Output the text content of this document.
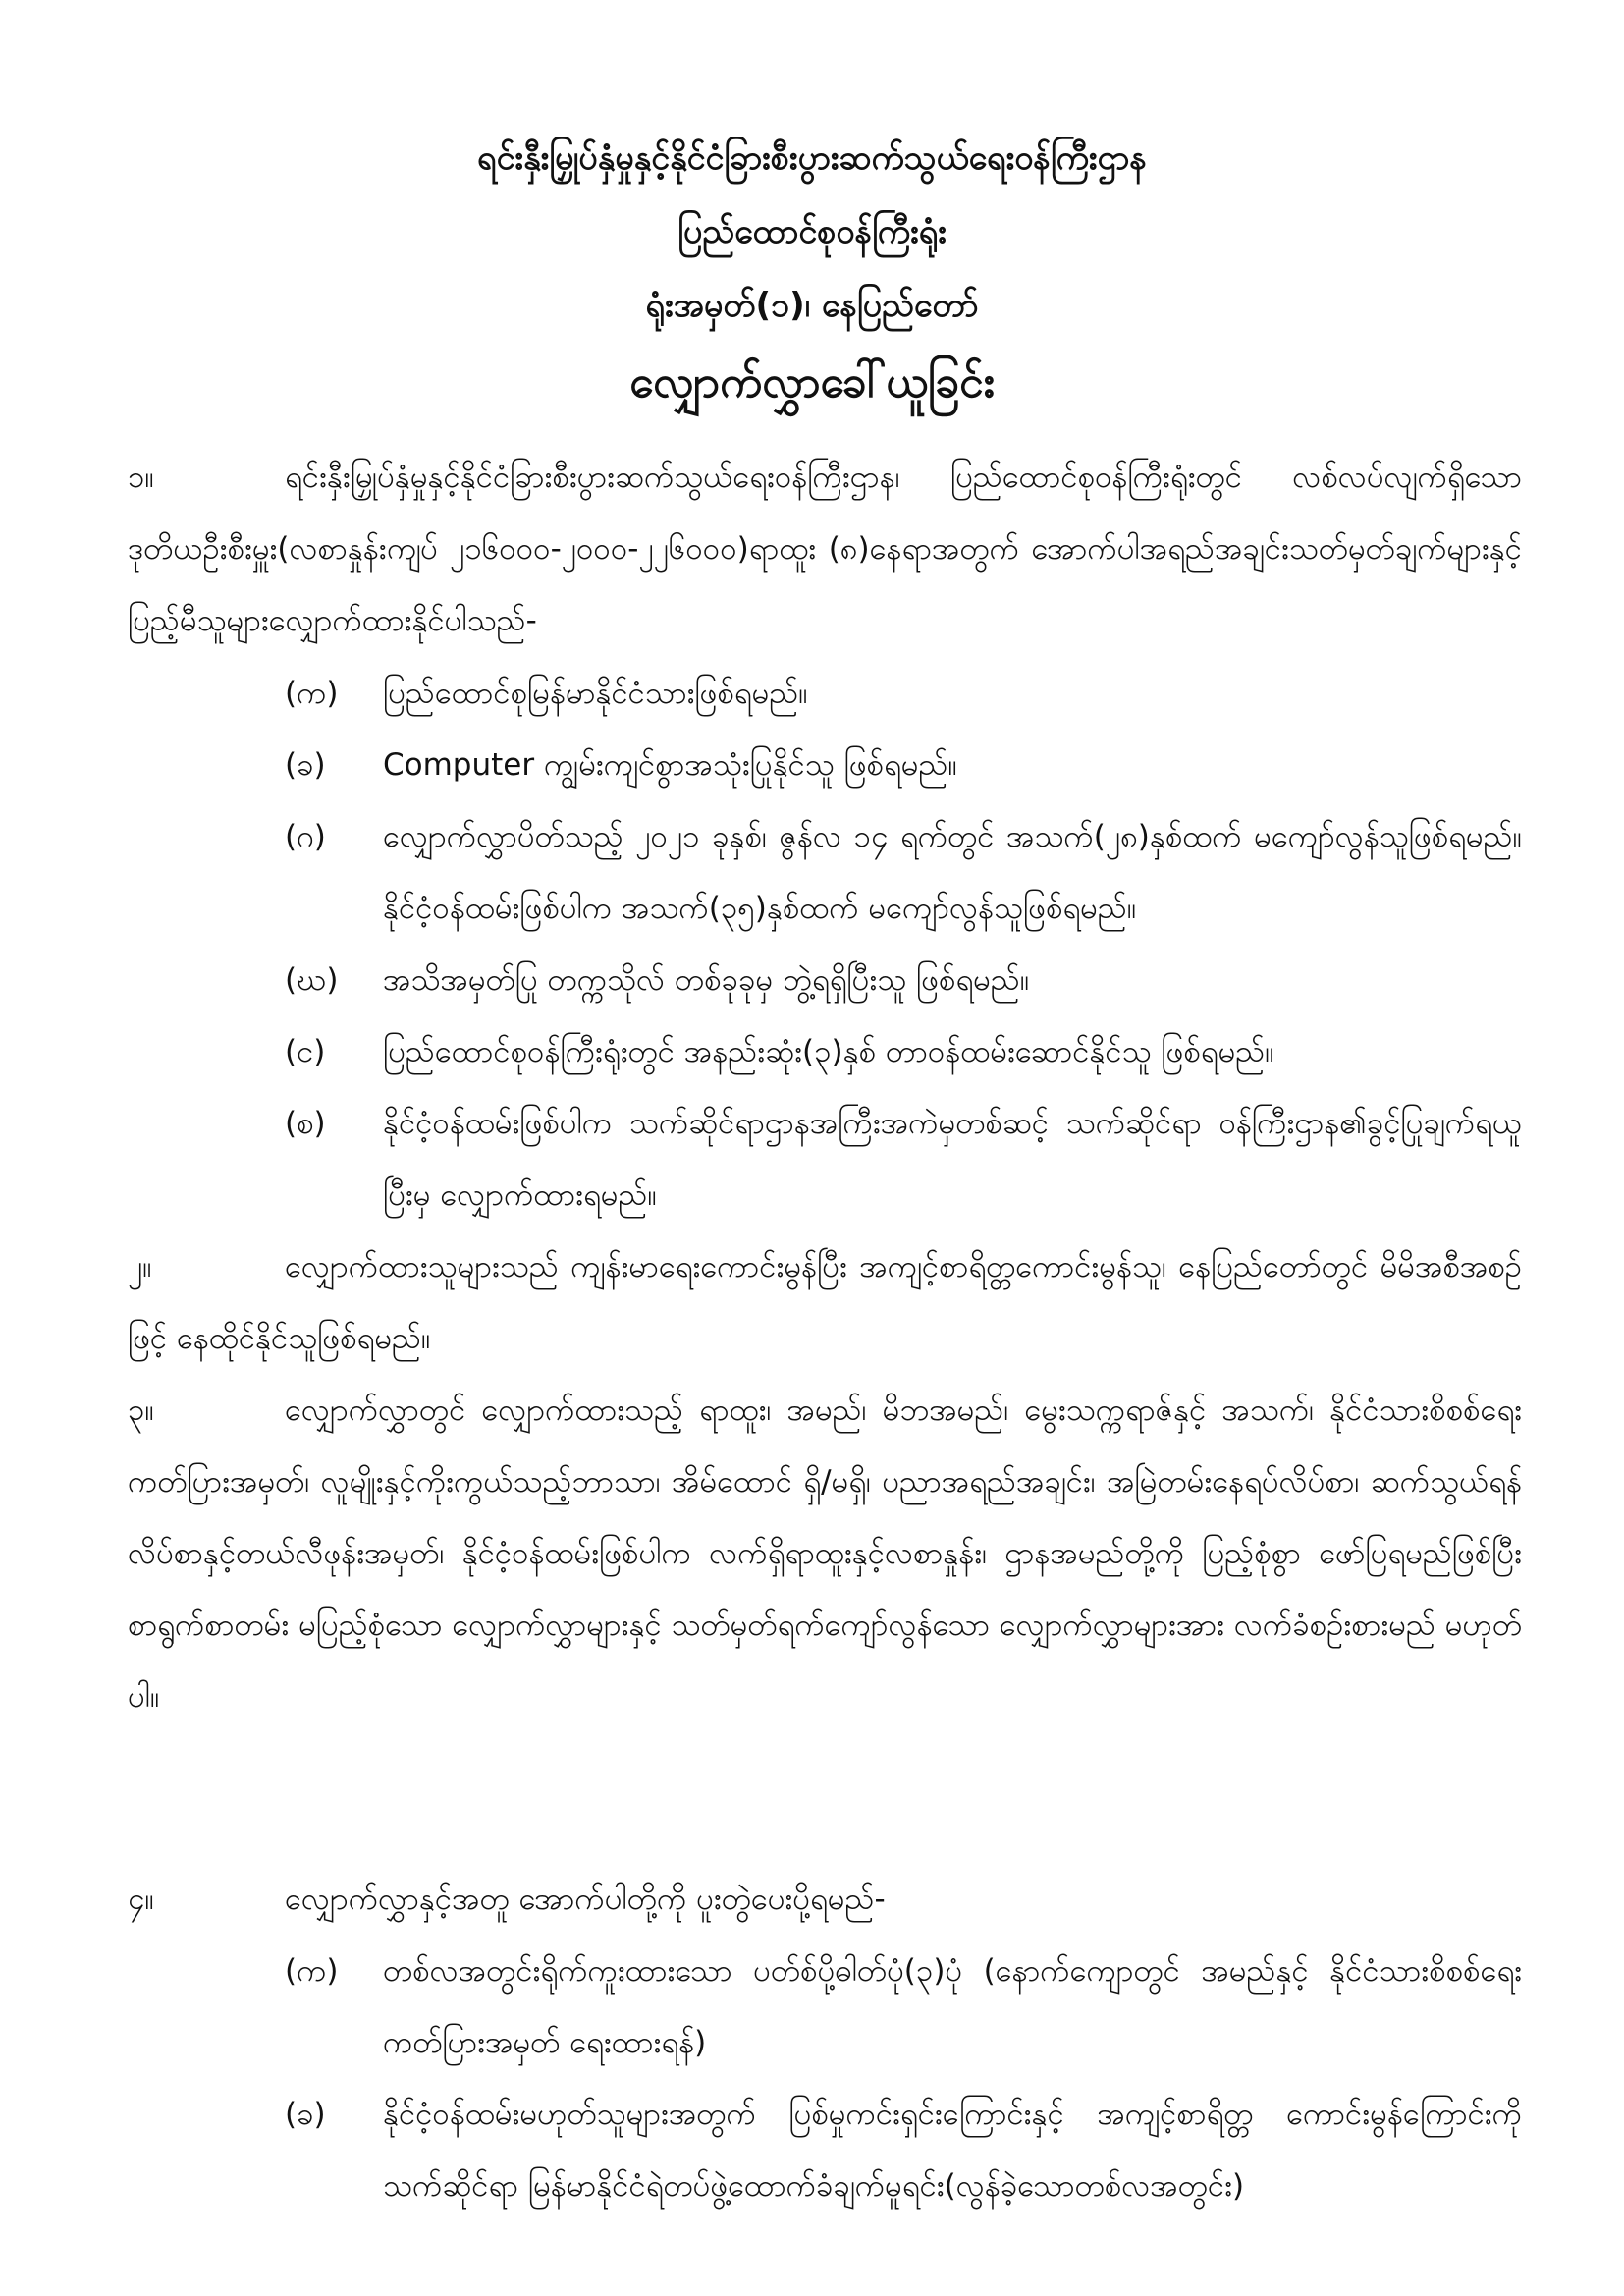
ရင်းနှီးမြှုပ်နှံမှုနှင့်နိုင်ငံခြားစီးပွားဆက်သွယ်ရေးဝန်ကြီးဌာန
ပြည်ထောင်စုဝန်ကြီးရုံး
ရုံးအမှတ်(၁)၊ နေပြည်တော်
လျှောက်လွှာခေါ်ယူခြင်း
၁။	ရင်းနှီးမြှုပ်နှံမှုနှင့်နိုင်ငံခြားစီးပွားဆက်သွယ်ရေးဝန်ကြီးဌာန၊ ပြည်ထောင်စုဝန်ကြီးရုံးတွင် လစ်လပ်လျက်ရှိသော ဒုတိယဦးစီးမှူး(လစာနှုန်းကျပ် ၂၁၆၀၀၀-၂၀၀၀-၂၂၆၀၀၀)ရာထူး (၈)နေရာအတွက် အောက်ပါအရည်အချင်းသတ်မှတ်ချက်များနှင့် ပြည့်မီသူများလျှောက်ထားနိုင်ပါသည်-
(က)	ပြည်ထောင်စုမြန်မာနိုင်ငံသားဖြစ်ရမည်။
(ခ)	Computer ကျွမ်းကျင်စွာအသုံးပြုနိုင်သူ ဖြစ်ရမည်။
(ဂ)	လျှောက်လွှာပိတ်သည့် ၂၀၂၁ ခုနှစ်၊ ဇွန်လ ၁၄ ရက်တွင် အသက်(၂၈)နှစ်ထက် မကျော်လွန်သူဖြစ်ရမည်။ နိုင်ငံ့ဝန်ထမ်းဖြစ်ပါက အသက်(၃၅)နှစ်ထက် မကျော်လွန်သူဖြစ်ရမည်။
(ဃ)	အသိအမှတ်ပြု တက္ကသိုလ် တစ်ခုခုမှ ဘွဲ့ရရှိပြီးသူ ဖြစ်ရမည်။
(င)	ပြည်ထောင်စုဝန်ကြီးရုံးတွင် အနည်းဆုံး(၃)နှစ် တာဝန်ထမ်းဆောင်နိုင်သူ ဖြစ်ရမည်။
(စ)	နိုင်ငံ့ဝန်ထမ်းဖြစ်ပါက သက်ဆိုင်ရာဌာနအကြီးအကဲမှတစ်ဆင့် သက်ဆိုင်ရာ ဝန်ကြီးဌာန၏ခွင့်ပြုချက်ရယူပြီးမှ လျှောက်ထားရမည်။
၂။	လျှောက်ထားသူများသည် ကျန်းမာရေးကောင်းမွန်ပြီး အကျင့်စာရိတ္တကောင်းမွန်သူ၊ နေပြည်တော်တွင် မိမိအစီအစဉ်ဖြင့် နေထိုင်နိုင်သူဖြစ်ရမည်။
၃။	လျှောက်လွှာတွင် လျှောက်ထားသည့် ရာထူး၊ အမည်၊ မိဘအမည်၊ မွေးသက္ကရာဇ်နှင့် အသက်၊ နိုင်ငံသားစိစစ်ရေးကတ်ပြားအမှတ်၊ လူမျိုးနှင့်ကိုးကွယ်သည့်ဘာသာ၊ အိမ်ထောင် ရှိ/မရှိ၊ ပညာအရည်အချင်း၊ အမြဲတမ်းနေရပ်လိပ်စာ၊ ဆက်သွယ်ရန်လိပ်စာနှင့်တယ်လီဖုန်းအမှတ်၊ နိုင်ငံ့ဝန်ထမ်းဖြစ်ပါက လက်ရှိရာထူးနှင့်လစာနှုန်း၊ ဌာနအမည်တို့ကို ပြည့်စုံစွာ ဖော်ပြရမည်ဖြစ်ပြီး စာရွက်စာတမ်း မပြည့်စုံသော လျှောက်လွှာများနှင့် သတ်မှတ်ရက်ကျော်လွန်သော လျှောက်လွှာများအား လက်ခံစဉ်းစားမည် မဟုတ်ပါ။
၄။	လျှောက်လွှာနှင့်အတူ အောက်ပါတို့ကို ပူးတွဲပေးပို့ရမည်-
(က)	တစ်လအတွင်းရိုက်ကူးထားသော ပတ်စ်ပို့ဓါတ်ပုံ(၃)ပုံ (နောက်ကျောတွင် အမည်နှင့် နိုင်ငံသားစိစစ်ရေးကတ်ပြားအမှတ် ရေးထားရန်)
(ခ)	နိုင်ငံ့ဝန်ထမ်းမဟုတ်သူများအတွက် ပြစ်မှုကင်းရှင်းကြောင်းနှင့် အကျင့်စာရိတ္တ ကောင်းမွန်ကြောင်းကို သက်ဆိုင်ရာ မြန်မာနိုင်ငံရဲတပ်ဖွဲ့ထောက်ခံချက်မူရင်း(လွန်ခဲ့သောတစ်လအတွင်း)
